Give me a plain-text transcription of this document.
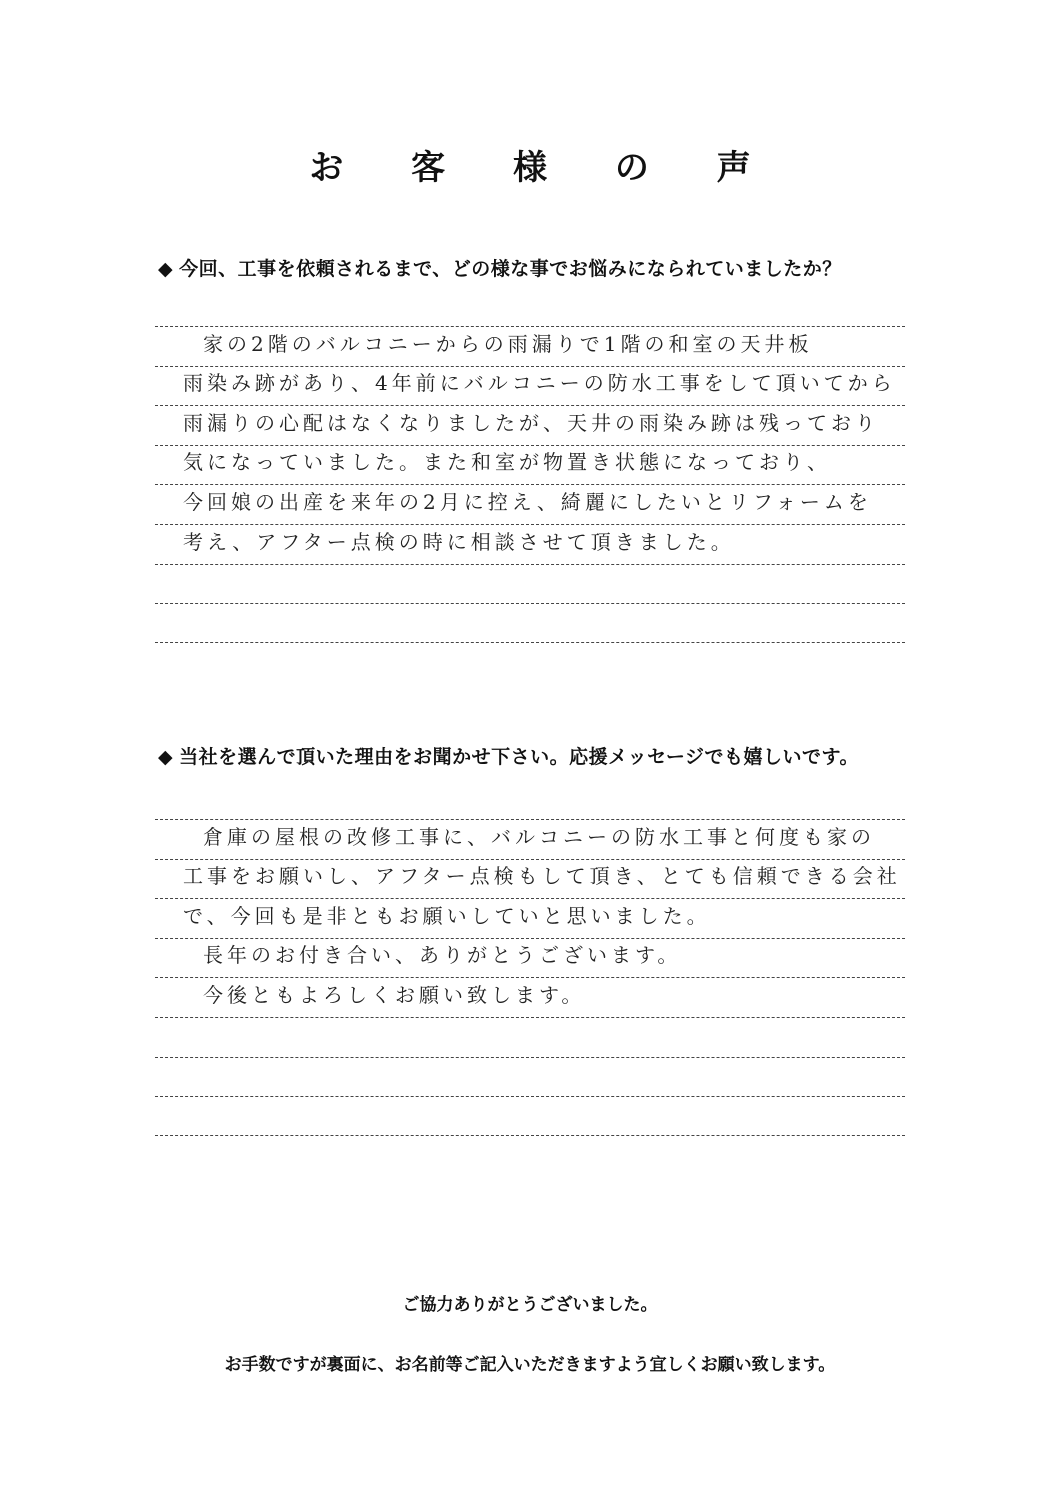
お 客 様 の 声
◆ 今回、工事を依頼されるまで、どの様な事でお悩みになられていましたか？
家の2階のバルコニーからの雨漏りで1階の和室の天井板
雨染み跡があり、4年前にバルコニーの防水工事をして頂いてから
雨漏りの心配はなくなりましたが、天井の雨染み跡は残っており
気になっていました。また和室が物置き状態になっており、
今回娘の出産を来年の2月に控え、綺麗にしたいとリフォームを
考え、アフター点検の時に相談させて頂きました。
◆ 当社を選んで頂いた理由をお聞かせ下さい。応援メッセージでも嬉しいです。
倉庫の屋根の改修工事に、バルコニーの防水工事と何度も家の
工事をお願いし、アフター点検もして頂き、とても信頼できる会社
で、今回も是非ともお願いしていと思いました。
長年のお付き合い、ありがとうございます。
今後ともよろしくお願い致します。
ご協力ありがとうございました。
お手数ですが裏面に、お名前等ご記入いただきますよう宜しくお願い致します。
